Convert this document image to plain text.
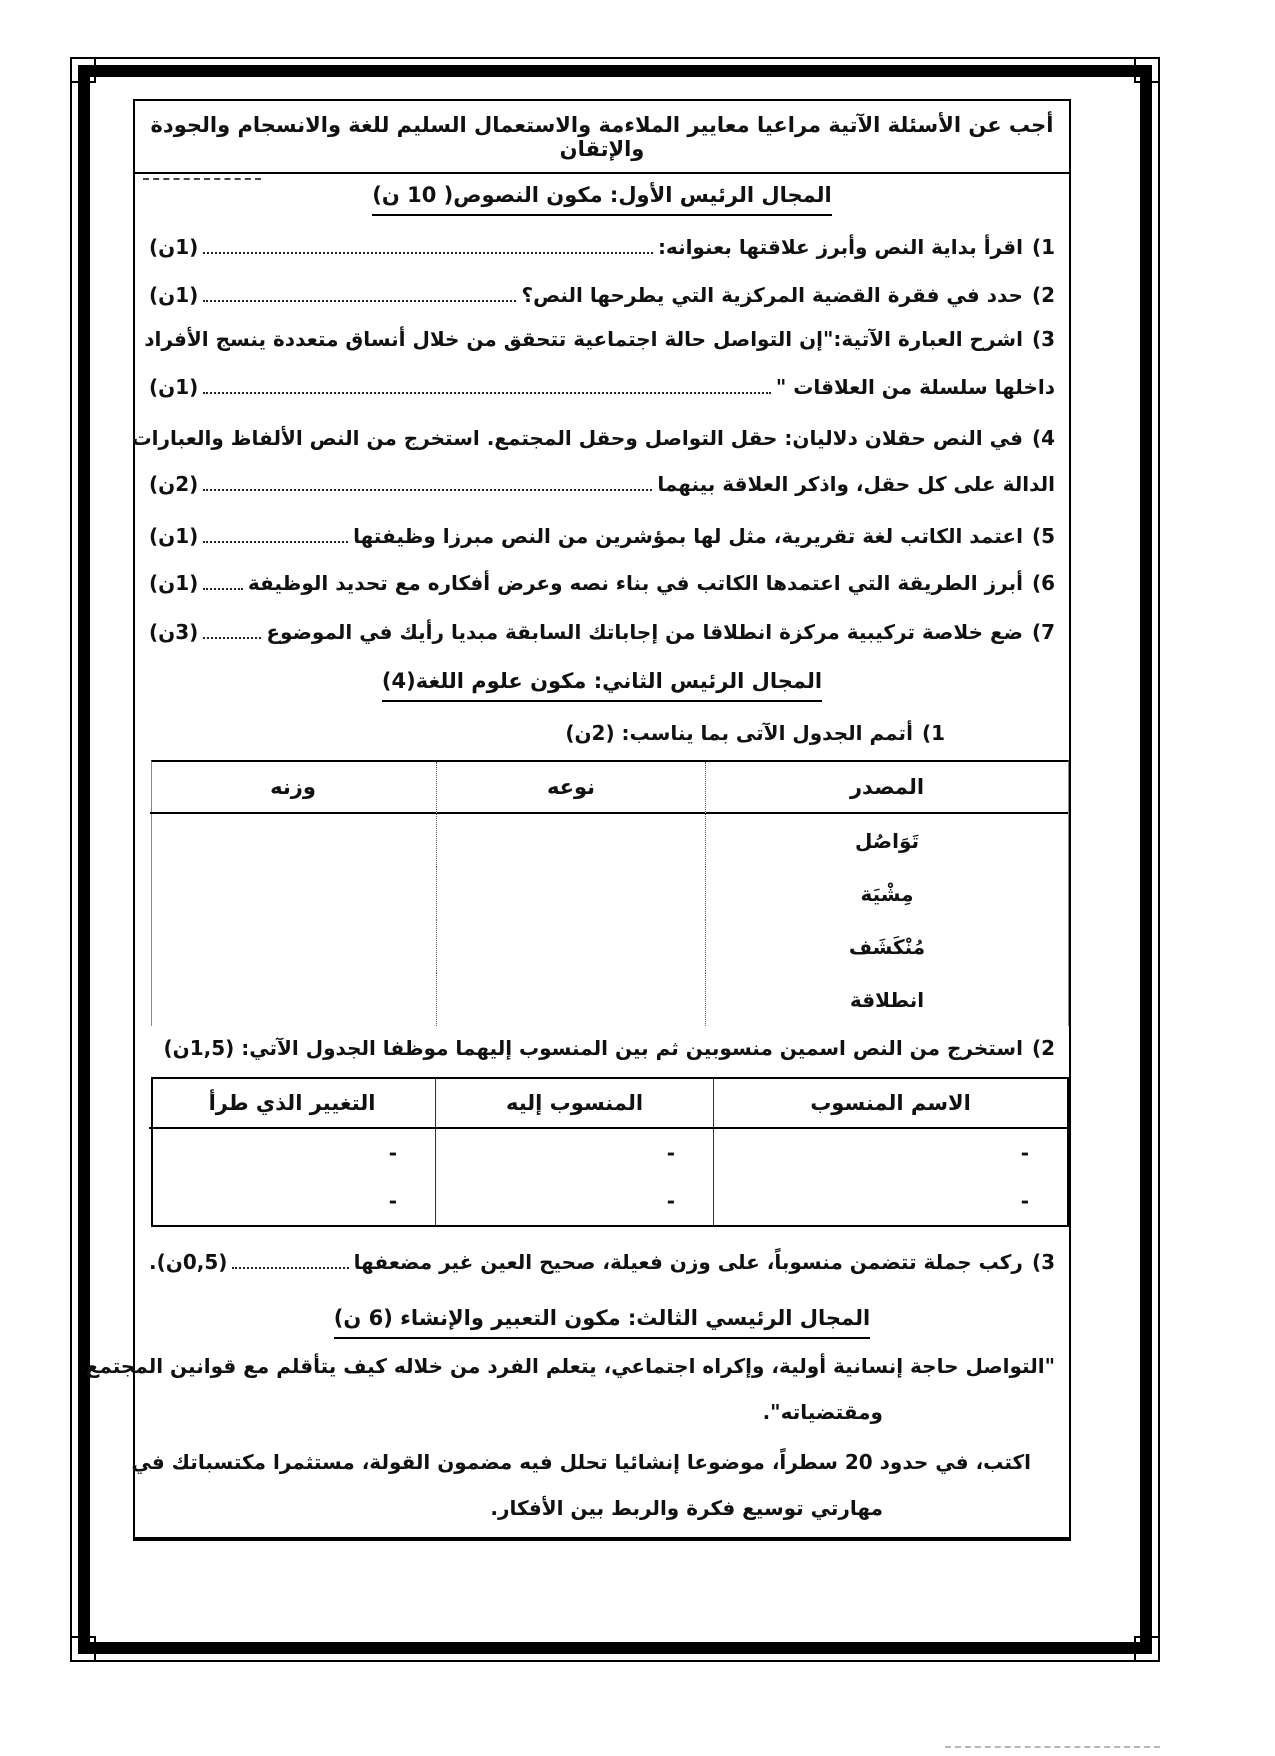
أجب عن الأسئلة الآتية مراعيا معايير الملاءمة والاستعمال السليم للغة والانسجام والجودة والإتقان
المجال الرئيس الأول: مكون النصوص( 10 ن)
1)
اقرأ بداية النص وأبرز علاقتها بعنوانه:
(1ن)
2)
حدد في فقرة القضية المركزية التي يطرحها النص؟
(1ن)
3)
اشرح العبارة الآتية:"إن التواصل حالة اجتماعية تتحقق من خلال أنساق متعددة ينسج الأفراد
داخلها سلسلة من العلاقات "
(1ن)
4)
في النص حقلان دلاليان: حقل التواصل وحقل المجتمع. استخرج من النص الألفاظ والعبارات
الدالة على كل حقل، واذكر العلاقة بينهما
(2ن)
5)
اعتمد الكاتب لغة تقريرية، مثل لها بمؤشرين من النص مبرزا وظيفتها
(1ن)
6)
أبرز الطريقة التي اعتمدها الكاتب في بناء نصه وعرض أفكاره مع تحديد الوظيفة
(1ن)
7)
ضع خلاصة تركيبية مركزة انطلاقا من إجاباتك السابقة مبديا رأيك في الموضوع
(3ن)
المجال الرئيس الثاني: مكون علوم اللغة(4)
1)
أتمم الجدول الآتى بما يناسب: (2ن)
المصدر
نوعه
وزنه
تَوَاصُل
مِشْيَة
مُنْكَشَف
انطلاقة
2)
استخرج من النص اسمين منسوبين ثم بين المنسوب إليهما موظفا الجدول الآتي: (1,5ن)
الاسم المنسوب
المنسوب إليه
التغيير الذي طرأ
-
-
-
-
-
-
3)
ركب جملة تتضمن منسوباً، على وزن فعيلة، صحيح العين غير مضعفها
(0,5ن).
المجال الرئيسي الثالث: مكون التعبير والإنشاء (6 ن)
"التواصل حاجة إنسانية أولية، وإكراه اجتماعي، يتعلم الفرد من خلاله كيف يتأقلم مع قوانين المجتمع
ومقتضياته".
اكتب، في حدود 20 سطراً، موضوعا إنشائيا تحلل فيه مضمون القولة، مستثمرا مكتسباتك في
مهارتي توسيع فكرة والربط بين الأفكار.
